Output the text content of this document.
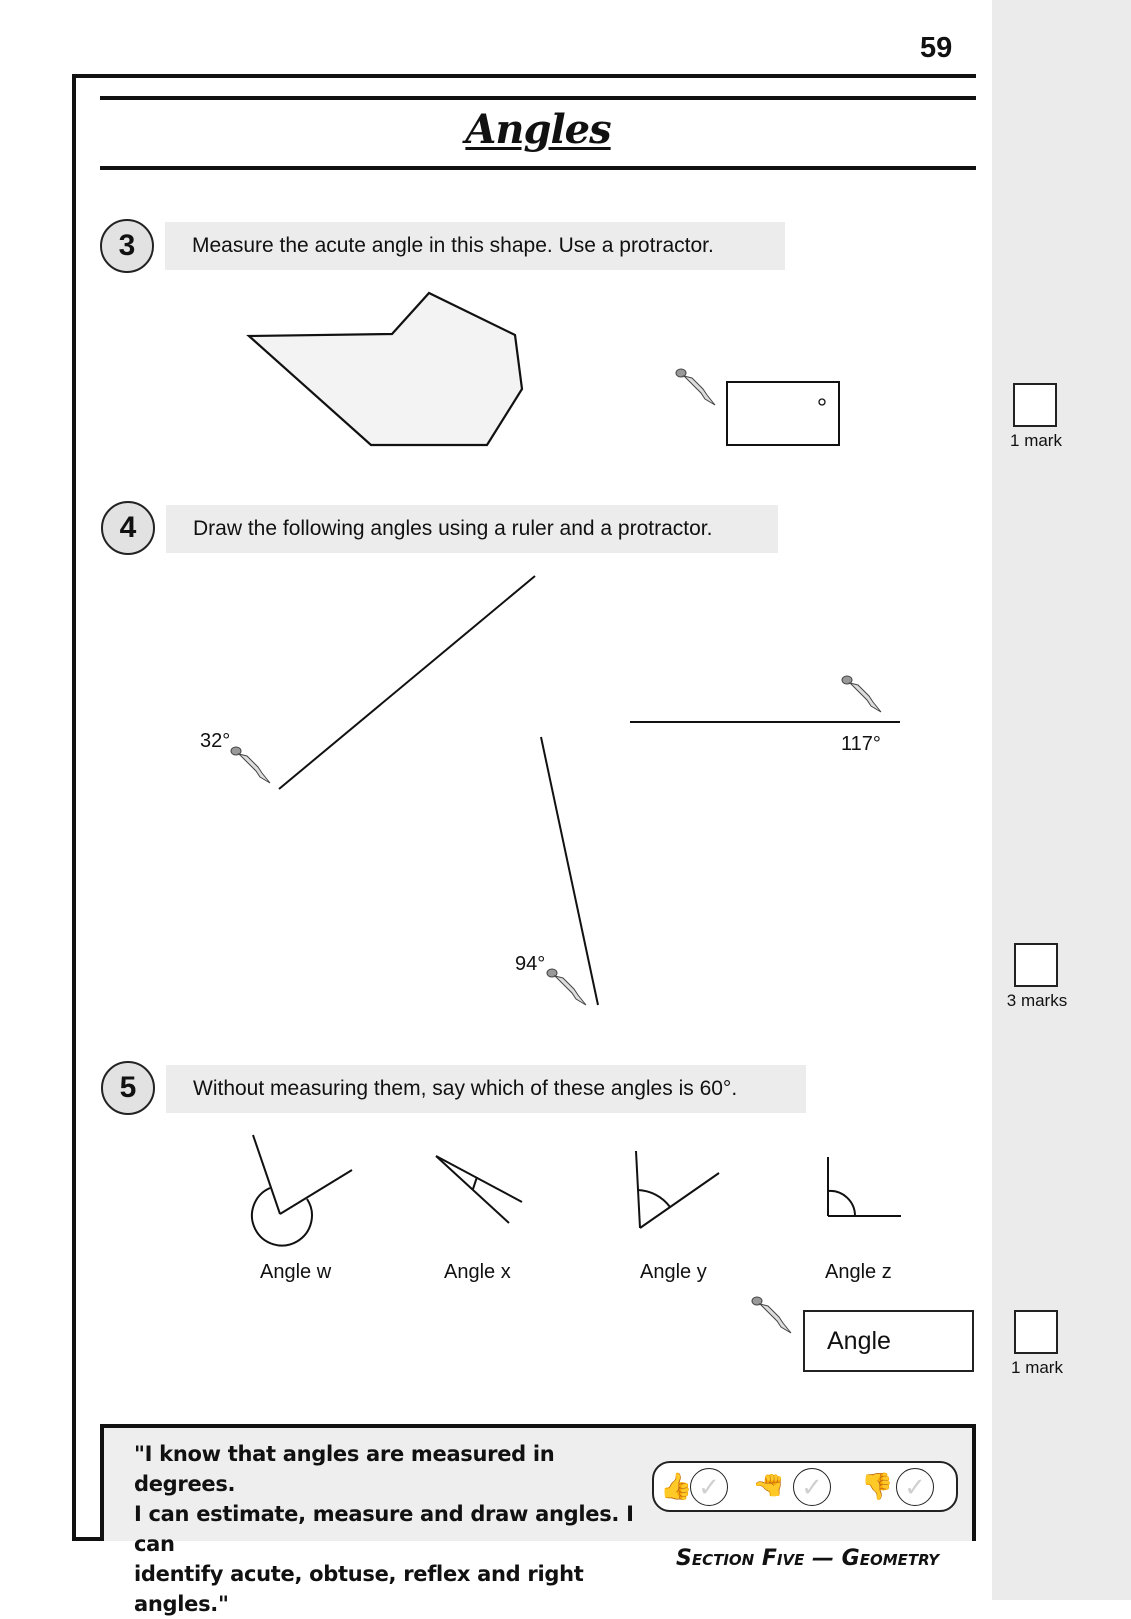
59
Angles
3	Measure the acute angle in this shape. Use a protractor.
1 mark
4	Draw the following angles using a ruler and a protractor.
32°	117°
94°
3 marks
5	Without measuring them, say which of these angles is 60°.
Angle w	Angle x	Angle y	Angle z
Angle
1 mark
"I know that angles are measured in degrees.
I can estimate, measure and draw angles. I can
identify acute, obtuse, reflex and right angles."
👍 ✓ 👍 ✓ 👎 ✓
Section Five — Geometry
